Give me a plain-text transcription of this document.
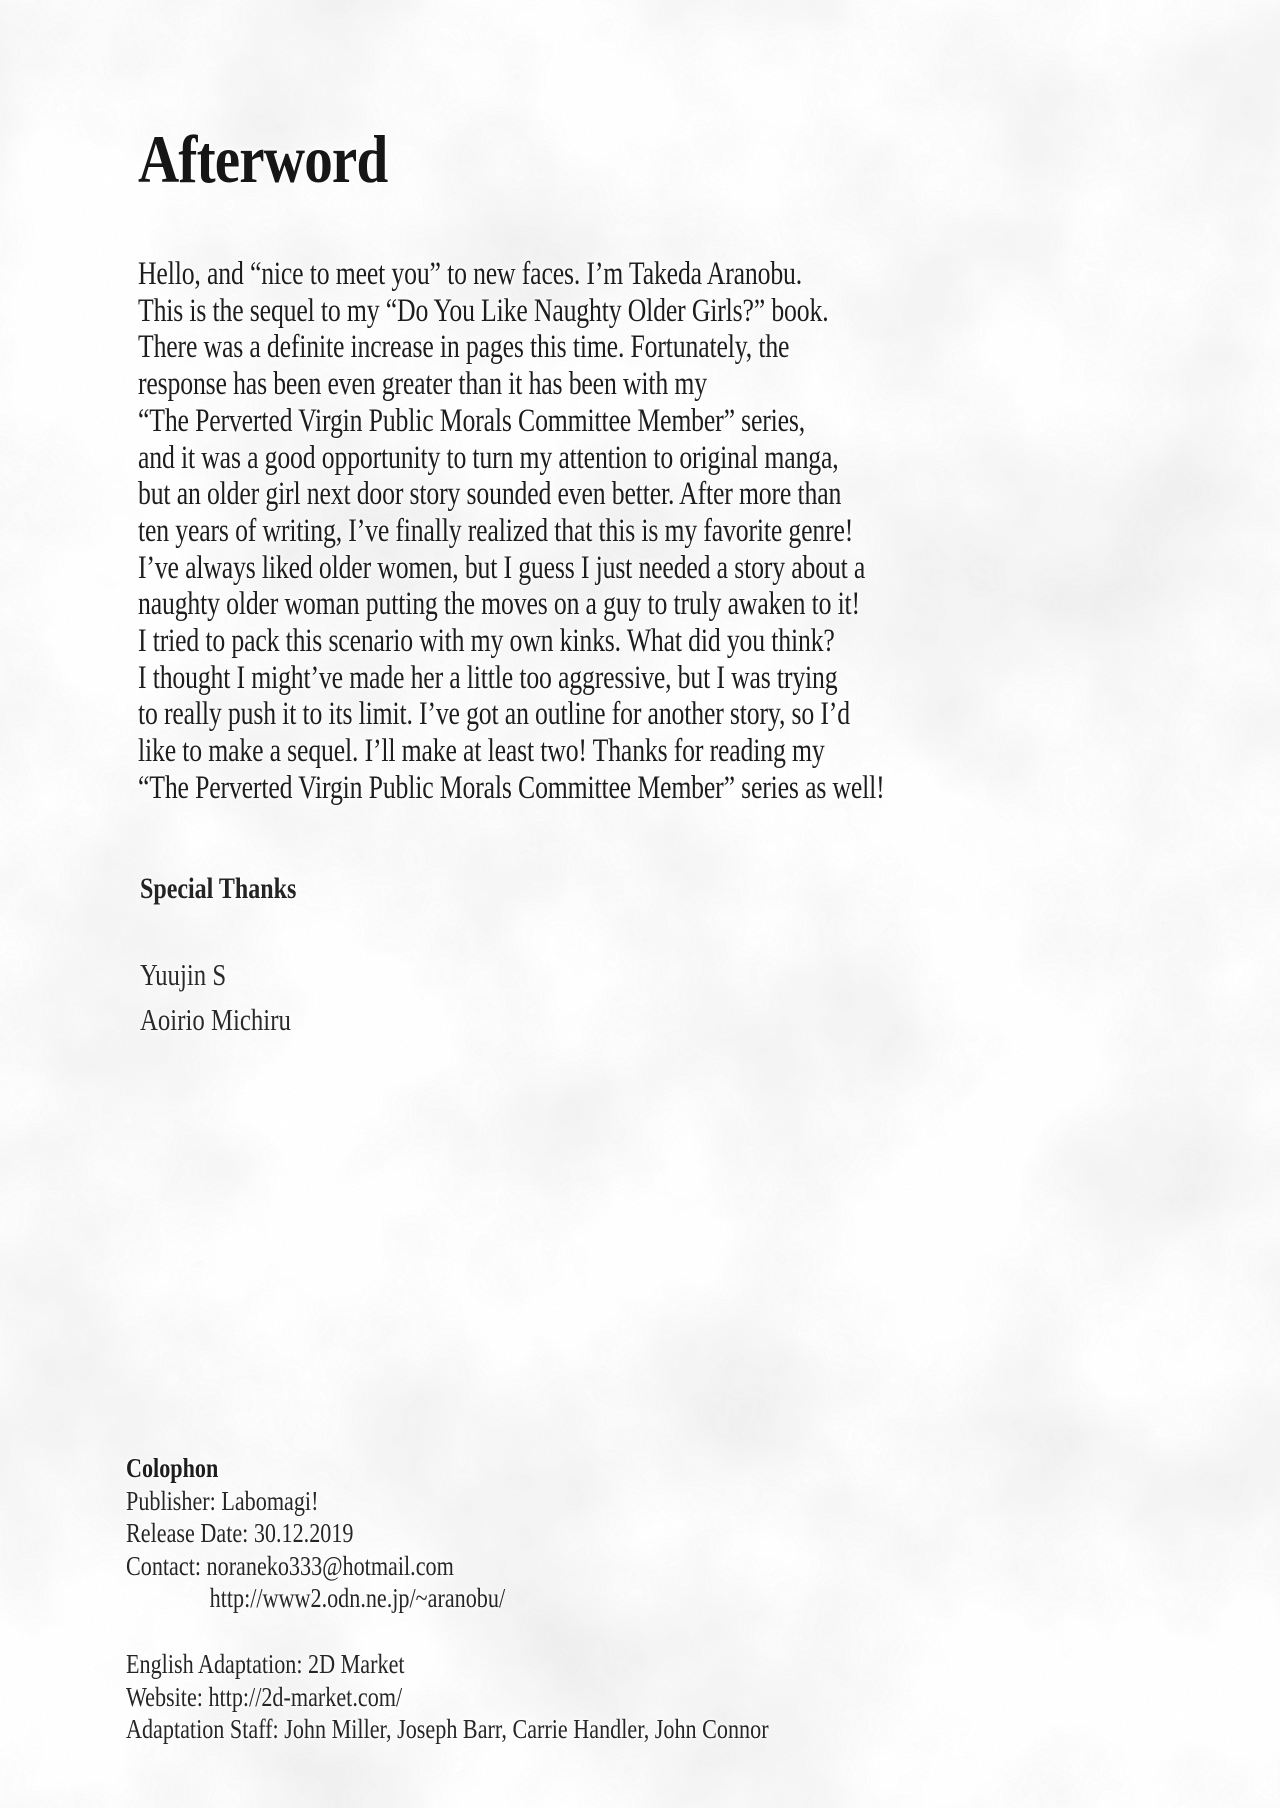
Afterword
Hello, and “nice to meet you” to new faces. I’m Takeda Aranobu.
This is the sequel to my “Do You Like Naughty Older Girls?” book.
There was a definite increase in pages this time. Fortunately, the
response has been even greater than it has been with my
“The Perverted Virgin Public Morals Committee Member” series,
and it was a good opportunity to turn my attention to original manga,
but an older girl next door story sounded even better. After more than
ten years of writing, I’ve finally realized that this is my favorite genre!
I’ve always liked older women, but I guess I just needed a story about a
naughty older woman putting the moves on a guy to truly awaken to it!
I tried to pack this scenario with my own kinks. What did you think?
I thought I might’ve made her a little too aggressive, but I was trying
to really push it to its limit. I’ve got an outline for another story, so I’d
like to make a sequel. I’ll make at least two! Thanks for reading my
“The Perverted Virgin Public Morals Committee Member” series as well!
Special Thanks
Yuujin S
Aoirio Michiru
Colophon
Publisher: Labomagi!
Release Date: 30.12.2019
Contact: noraneko333@hotmail.com
http://www2.odn.ne.jp/~aranobu/
English Adaptation: 2D Market
Website: http://2d-market.com/
Adaptation Staff: John Miller, Joseph Barr, Carrie Handler, John Connor
